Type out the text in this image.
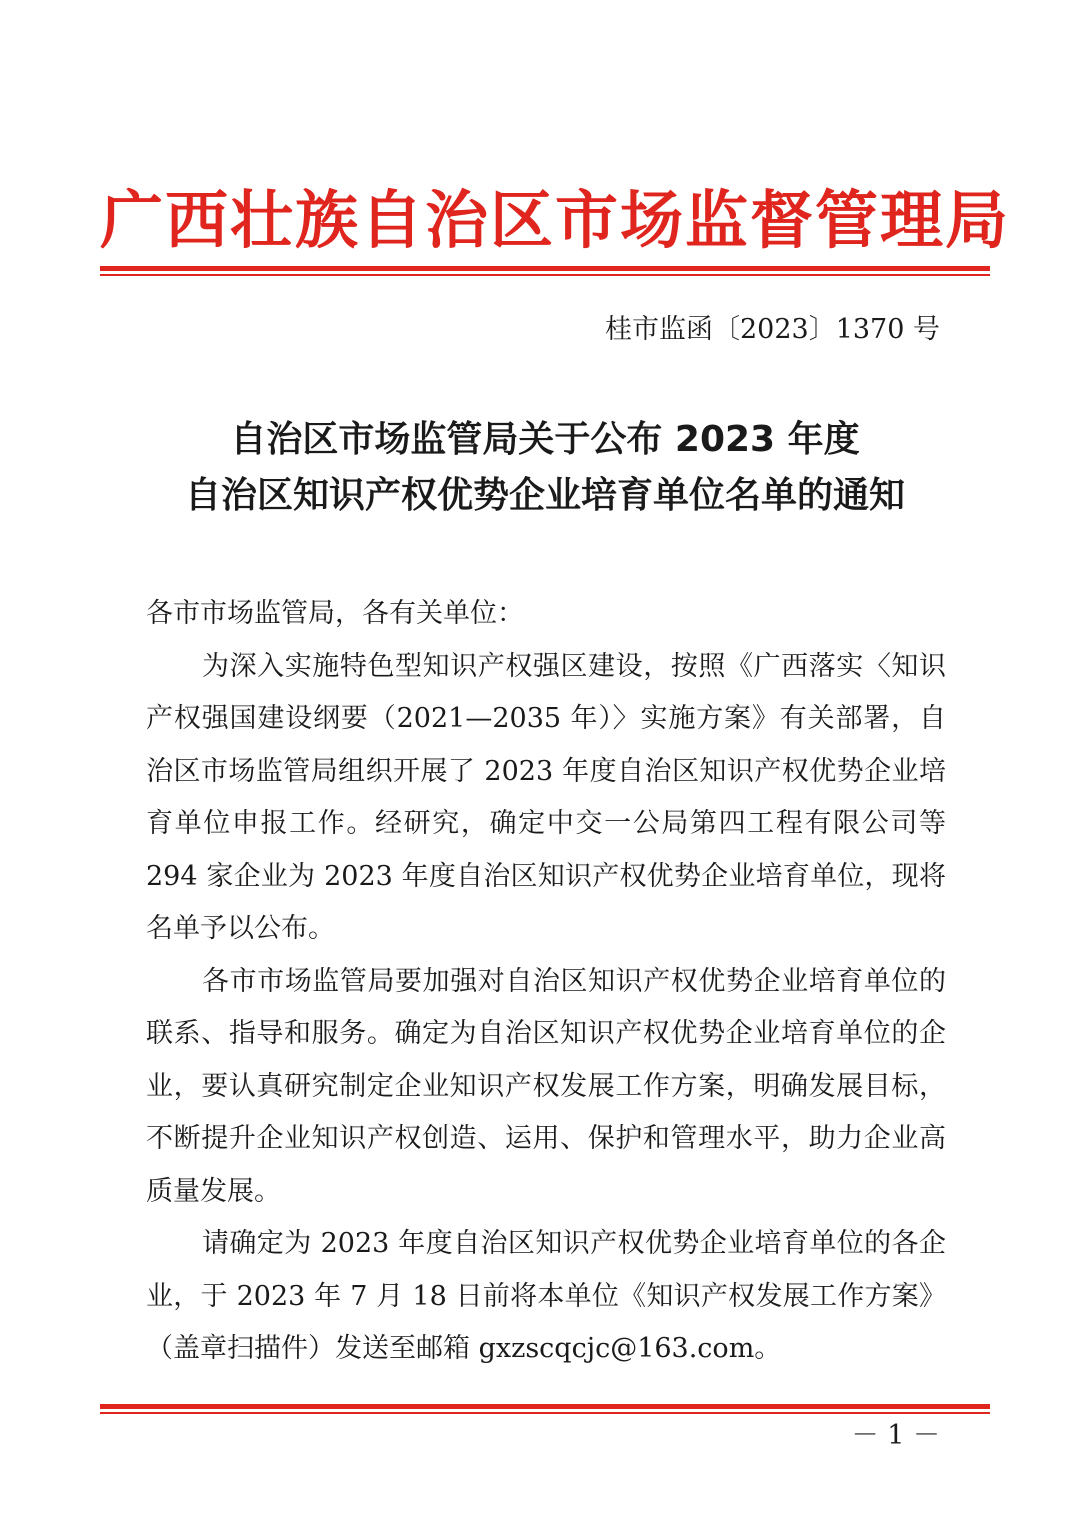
广西壮族自治区市场监督管理局
桂市监函〔2023〕1370 号
自治区市场监管局关于公布 2023 年度
自治区知识产权优势企业培育单位名单的通知

各市市场监管局，各有关单位：

为深入实施特色型知识产权强区建设，按照《广西落实〈知识产权强国建设纲要（2021—2035 年）〉实施方案》有关部署，自治区市场监管局组织开展了 2023 年度自治区知识产权优势企业培育单位申报工作。经研究，确定中交一公局第四工程有限公司等 294 家企业为 2023 年度自治区知识产权优势企业培育单位，现将名单予以公布。

各市市场监管局要加强对自治区知识产权优势企业培育单位的联系、指导和服务。确定为自治区知识产权优势企业培育单位的企业，要认真研究制定企业知识产权发展工作方案，明确发展目标，不断提升企业知识产权创造、运用、保护和管理水平，助力企业高质量发展。

请确定为 2023 年度自治区知识产权优势企业培育单位的各企业，于 2023 年 7 月 18 日前将本单位《知识产权发展工作方案》（盖章扫描件）发送至邮箱 gxzscqcjc@163.com。

－ 1 －
